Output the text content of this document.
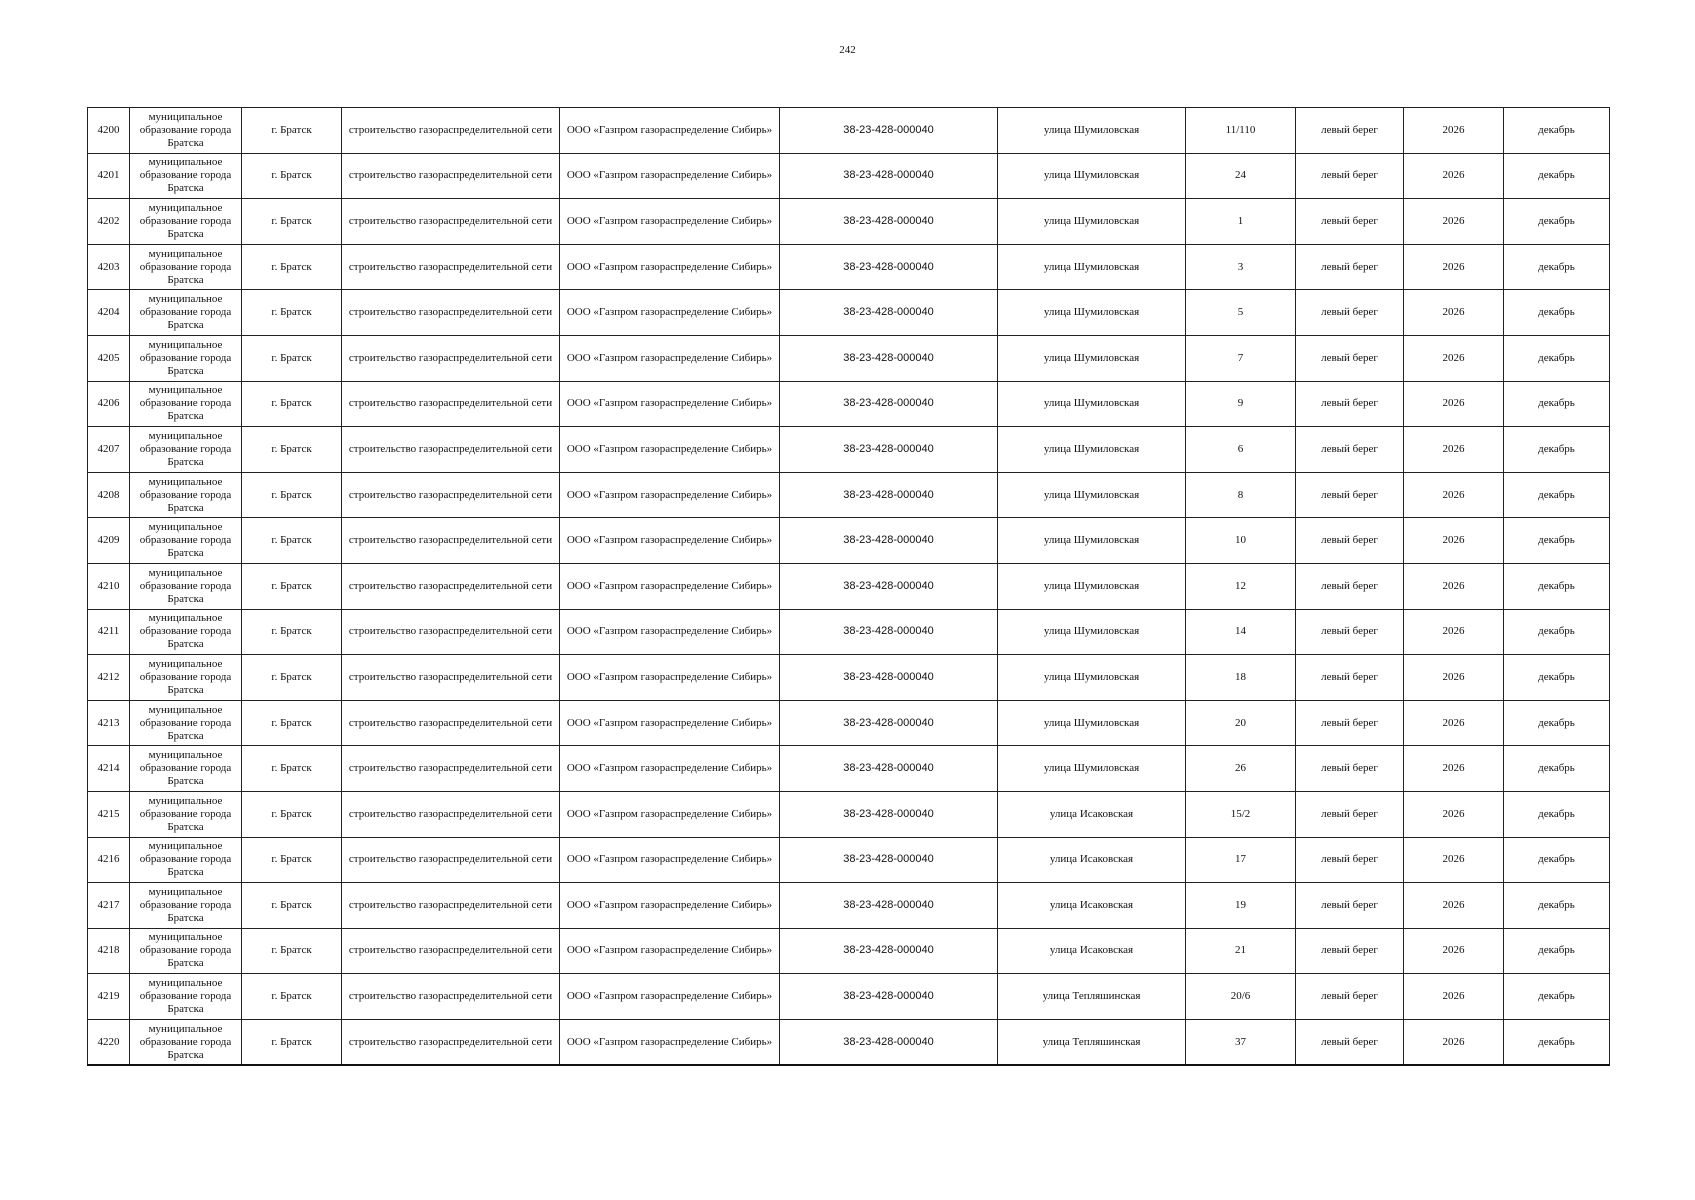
242
4200	муниципальное образование города Братска	г. Братск	строительство газораспределительной сети	ООО «Газпром газораспределение Сибирь»	38-23-428-000040	улица Шумиловская	11/110	левый берег	2026	декабрь
4201	муниципальное образование города Братска	г. Братск	строительство газораспределительной сети	ООО «Газпром газораспределение Сибирь»	38-23-428-000040	улица Шумиловская	24	левый берег	2026	декабрь
4202	муниципальное образование города Братска	г. Братск	строительство газораспределительной сети	ООО «Газпром газораспределение Сибирь»	38-23-428-000040	улица Шумиловская	1	левый берег	2026	декабрь
4203	муниципальное образование города Братска	г. Братск	строительство газораспределительной сети	ООО «Газпром газораспределение Сибирь»	38-23-428-000040	улица Шумиловская	3	левый берег	2026	декабрь
4204	муниципальное образование города Братска	г. Братск	строительство газораспределительной сети	ООО «Газпром газораспределение Сибирь»	38-23-428-000040	улица Шумиловская	5	левый берег	2026	декабрь
4205	муниципальное образование города Братска	г. Братск	строительство газораспределительной сети	ООО «Газпром газораспределение Сибирь»	38-23-428-000040	улица Шумиловская	7	левый берег	2026	декабрь
4206	муниципальное образование города Братска	г. Братск	строительство газораспределительной сети	ООО «Газпром газораспределение Сибирь»	38-23-428-000040	улица Шумиловская	9	левый берег	2026	декабрь
4207	муниципальное образование города Братска	г. Братск	строительство газораспределительной сети	ООО «Газпром газораспределение Сибирь»	38-23-428-000040	улица Шумиловская	6	левый берег	2026	декабрь
4208	муниципальное образование города Братска	г. Братск	строительство газораспределительной сети	ООО «Газпром газораспределение Сибирь»	38-23-428-000040	улица Шумиловская	8	левый берег	2026	декабрь
4209	муниципальное образование города Братска	г. Братск	строительство газораспределительной сети	ООО «Газпром газораспределение Сибирь»	38-23-428-000040	улица Шумиловская	10	левый берег	2026	декабрь
4210	муниципальное образование города Братска	г. Братск	строительство газораспределительной сети	ООО «Газпром газораспределение Сибирь»	38-23-428-000040	улица Шумиловская	12	левый берег	2026	декабрь
4211	муниципальное образование города Братска	г. Братск	строительство газораспределительной сети	ООО «Газпром газораспределение Сибирь»	38-23-428-000040	улица Шумиловская	14	левый берег	2026	декабрь
4212	муниципальное образование города Братска	г. Братск	строительство газораспределительной сети	ООО «Газпром газораспределение Сибирь»	38-23-428-000040	улица Шумиловская	18	левый берег	2026	декабрь
4213	муниципальное образование города Братска	г. Братск	строительство газораспределительной сети	ООО «Газпром газораспределение Сибирь»	38-23-428-000040	улица Шумиловская	20	левый берег	2026	декабрь
4214	муниципальное образование города Братска	г. Братск	строительство газораспределительной сети	ООО «Газпром газораспределение Сибирь»	38-23-428-000040	улица Шумиловская	26	левый берег	2026	декабрь
4215	муниципальное образование города Братска	г. Братск	строительство газораспределительной сети	ООО «Газпром газораспределение Сибирь»	38-23-428-000040	улица Исаковская	15/2	левый берег	2026	декабрь
4216	муниципальное образование города Братска	г. Братск	строительство газораспределительной сети	ООО «Газпром газораспределение Сибирь»	38-23-428-000040	улица Исаковская	17	левый берег	2026	декабрь
4217	муниципальное образование города Братска	г. Братск	строительство газораспределительной сети	ООО «Газпром газораспределение Сибирь»	38-23-428-000040	улица Исаковская	19	левый берег	2026	декабрь
4218	муниципальное образование города Братска	г. Братск	строительство газораспределительной сети	ООО «Газпром газораспределение Сибирь»	38-23-428-000040	улица Исаковская	21	левый берег	2026	декабрь
4219	муниципальное образование города Братска	г. Братск	строительство газораспределительной сети	ООО «Газпром газораспределение Сибирь»	38-23-428-000040	улица Тепляшинская	20/6	левый берег	2026	декабрь
4220	муниципальное образование города Братска	г. Братск	строительство газораспределительной сети	ООО «Газпром газораспределение Сибирь»	38-23-428-000040	улица Тепляшинская	37	левый берег	2026	декабрь
